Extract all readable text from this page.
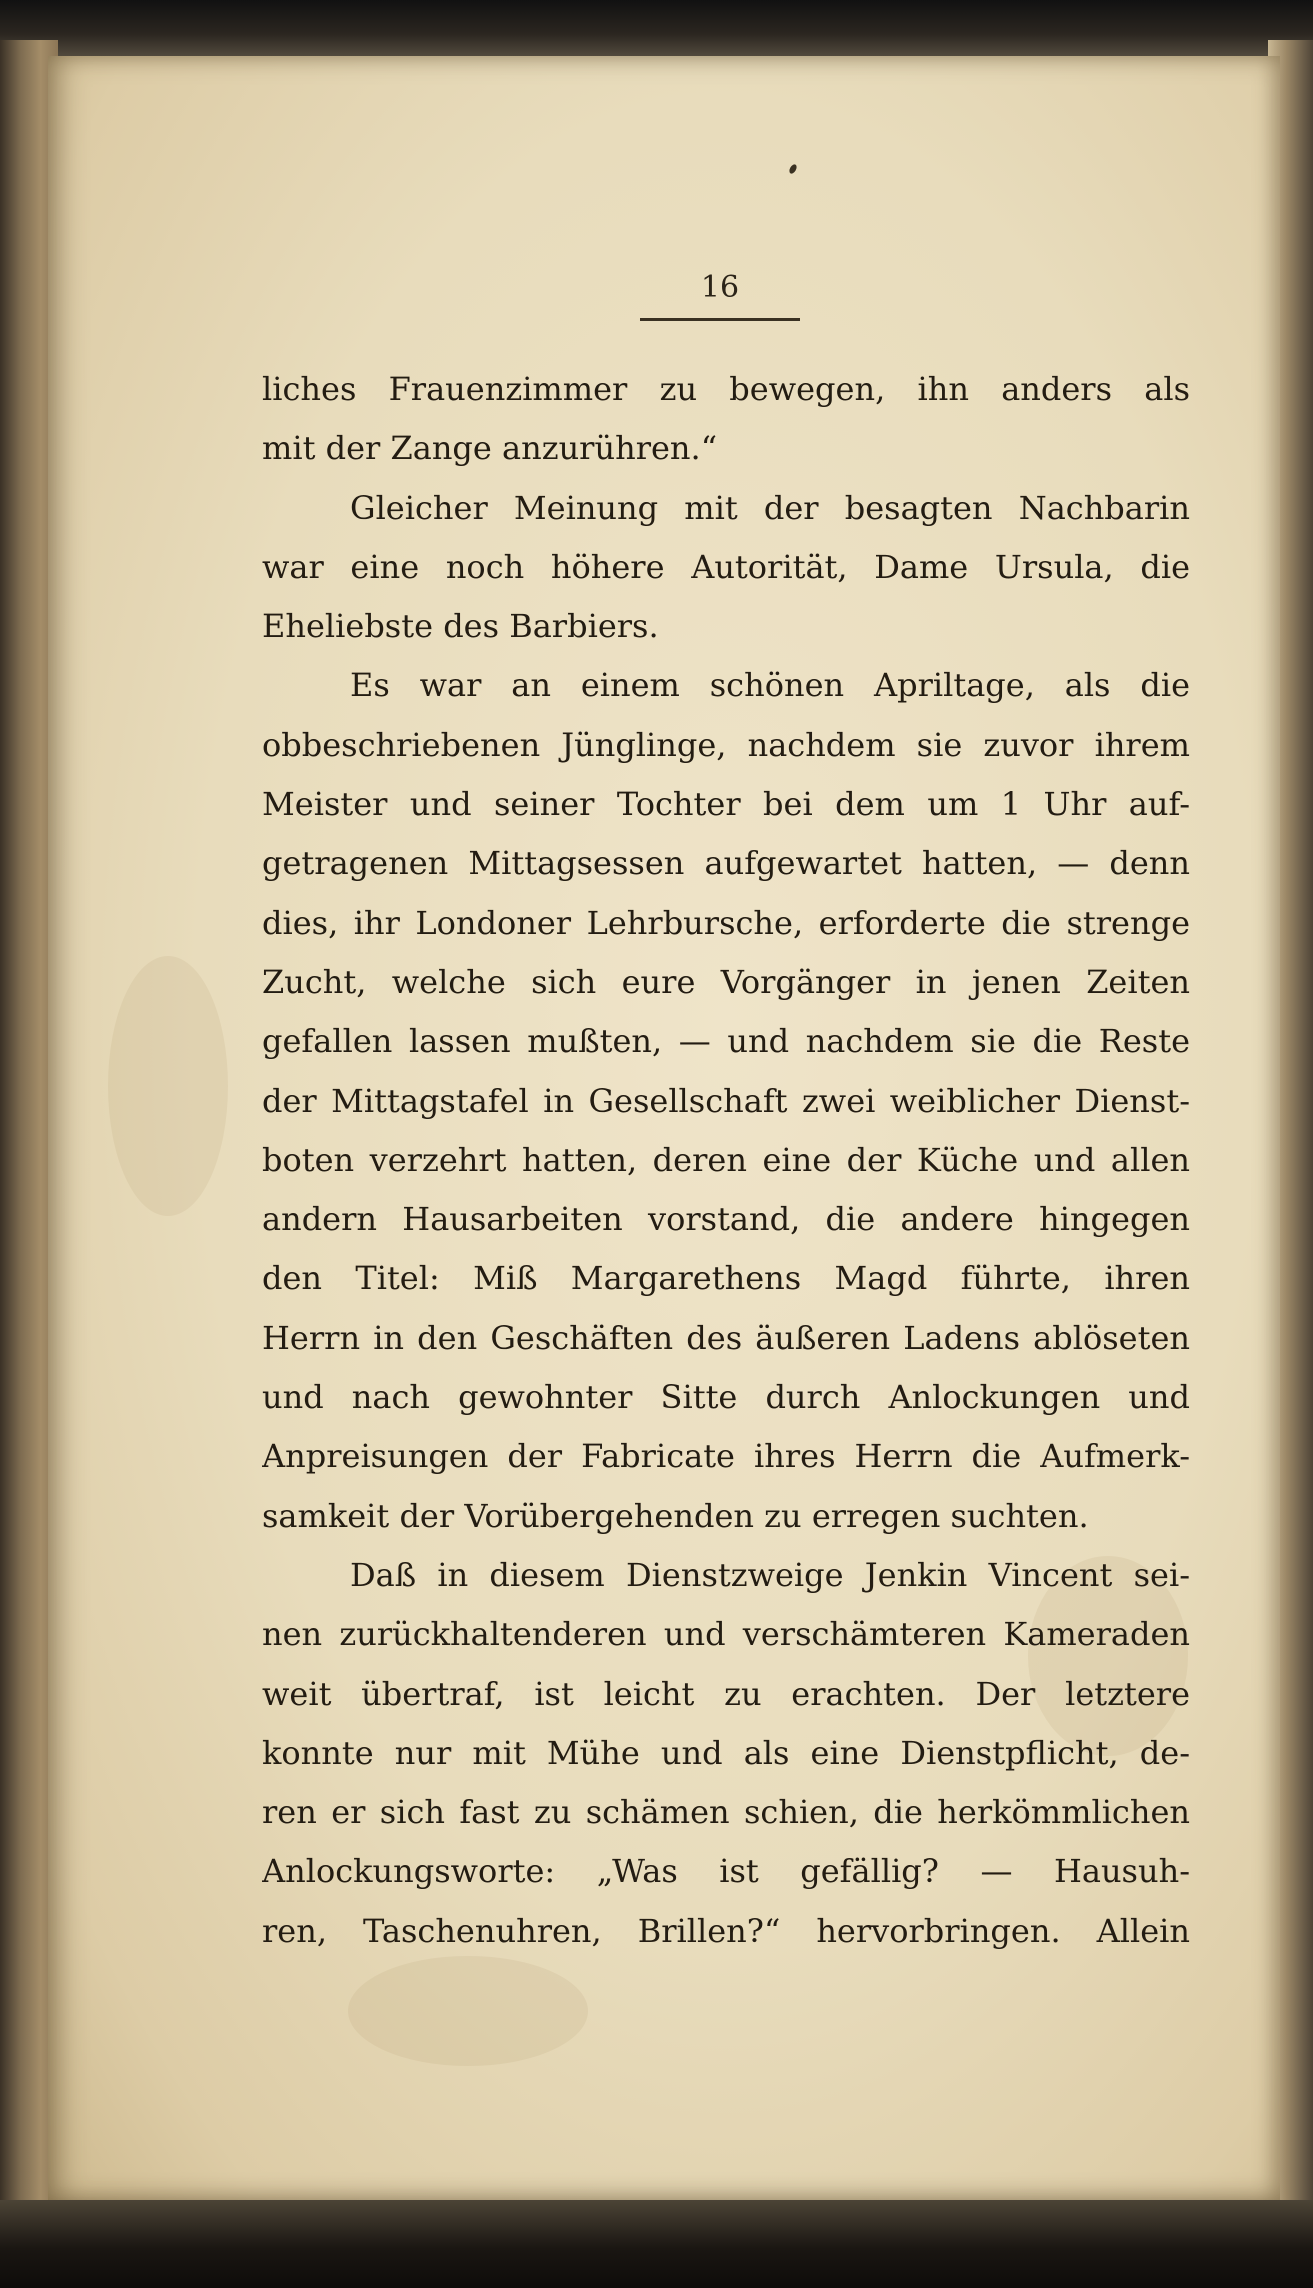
16
liches Frauenzimmer zu bewegen, ihn anders als
mit der Zange anzurühren.“
Gleicher Meinung mit der besagten Nachbarin
war eine noch höhere Autorität, Dame Ursula, die
Eheliebste des Barbiers.
Es war an einem schönen Apriltage, als die
obbeschriebenen Jünglinge, nachdem sie zuvor ihrem
Meister und seiner Tochter bei dem um 1 Uhr auf-
getragenen Mittagsessen aufgewartet hatten, — denn
dies, ihr Londoner Lehrbursche, erforderte die strenge
Zucht, welche sich eure Vorgänger in jenen Zeiten
gefallen lassen mußten, — und nachdem sie die Reste
der Mittagstafel in Gesellschaft zwei weiblicher Dienst-
boten verzehrt hatten, deren eine der Küche und allen
andern Hausarbeiten vorstand, die andere hingegen
den Titel: Miß Margarethens Magd führte, ihren
Herrn in den Geschäften des äußeren Ladens ablöseten
und nach gewohnter Sitte durch Anlockungen und
Anpreisungen der Fabricate ihres Herrn die Aufmerk-
samkeit der Vorübergehenden zu erregen suchten.
Daß in diesem Dienstzweige Jenkin Vincent sei-
nen zurückhaltenderen und verschämteren Kameraden
weit übertraf, ist leicht zu erachten. Der letztere
konnte nur mit Mühe und als eine Dienstpflicht, de-
ren er sich fast zu schämen schien, die herkömmlichen
Anlockungsworte: „Was ist gefällig? — Hausuh-
ren, Taschenuhren, Brillen?“ hervorbringen. Allein
